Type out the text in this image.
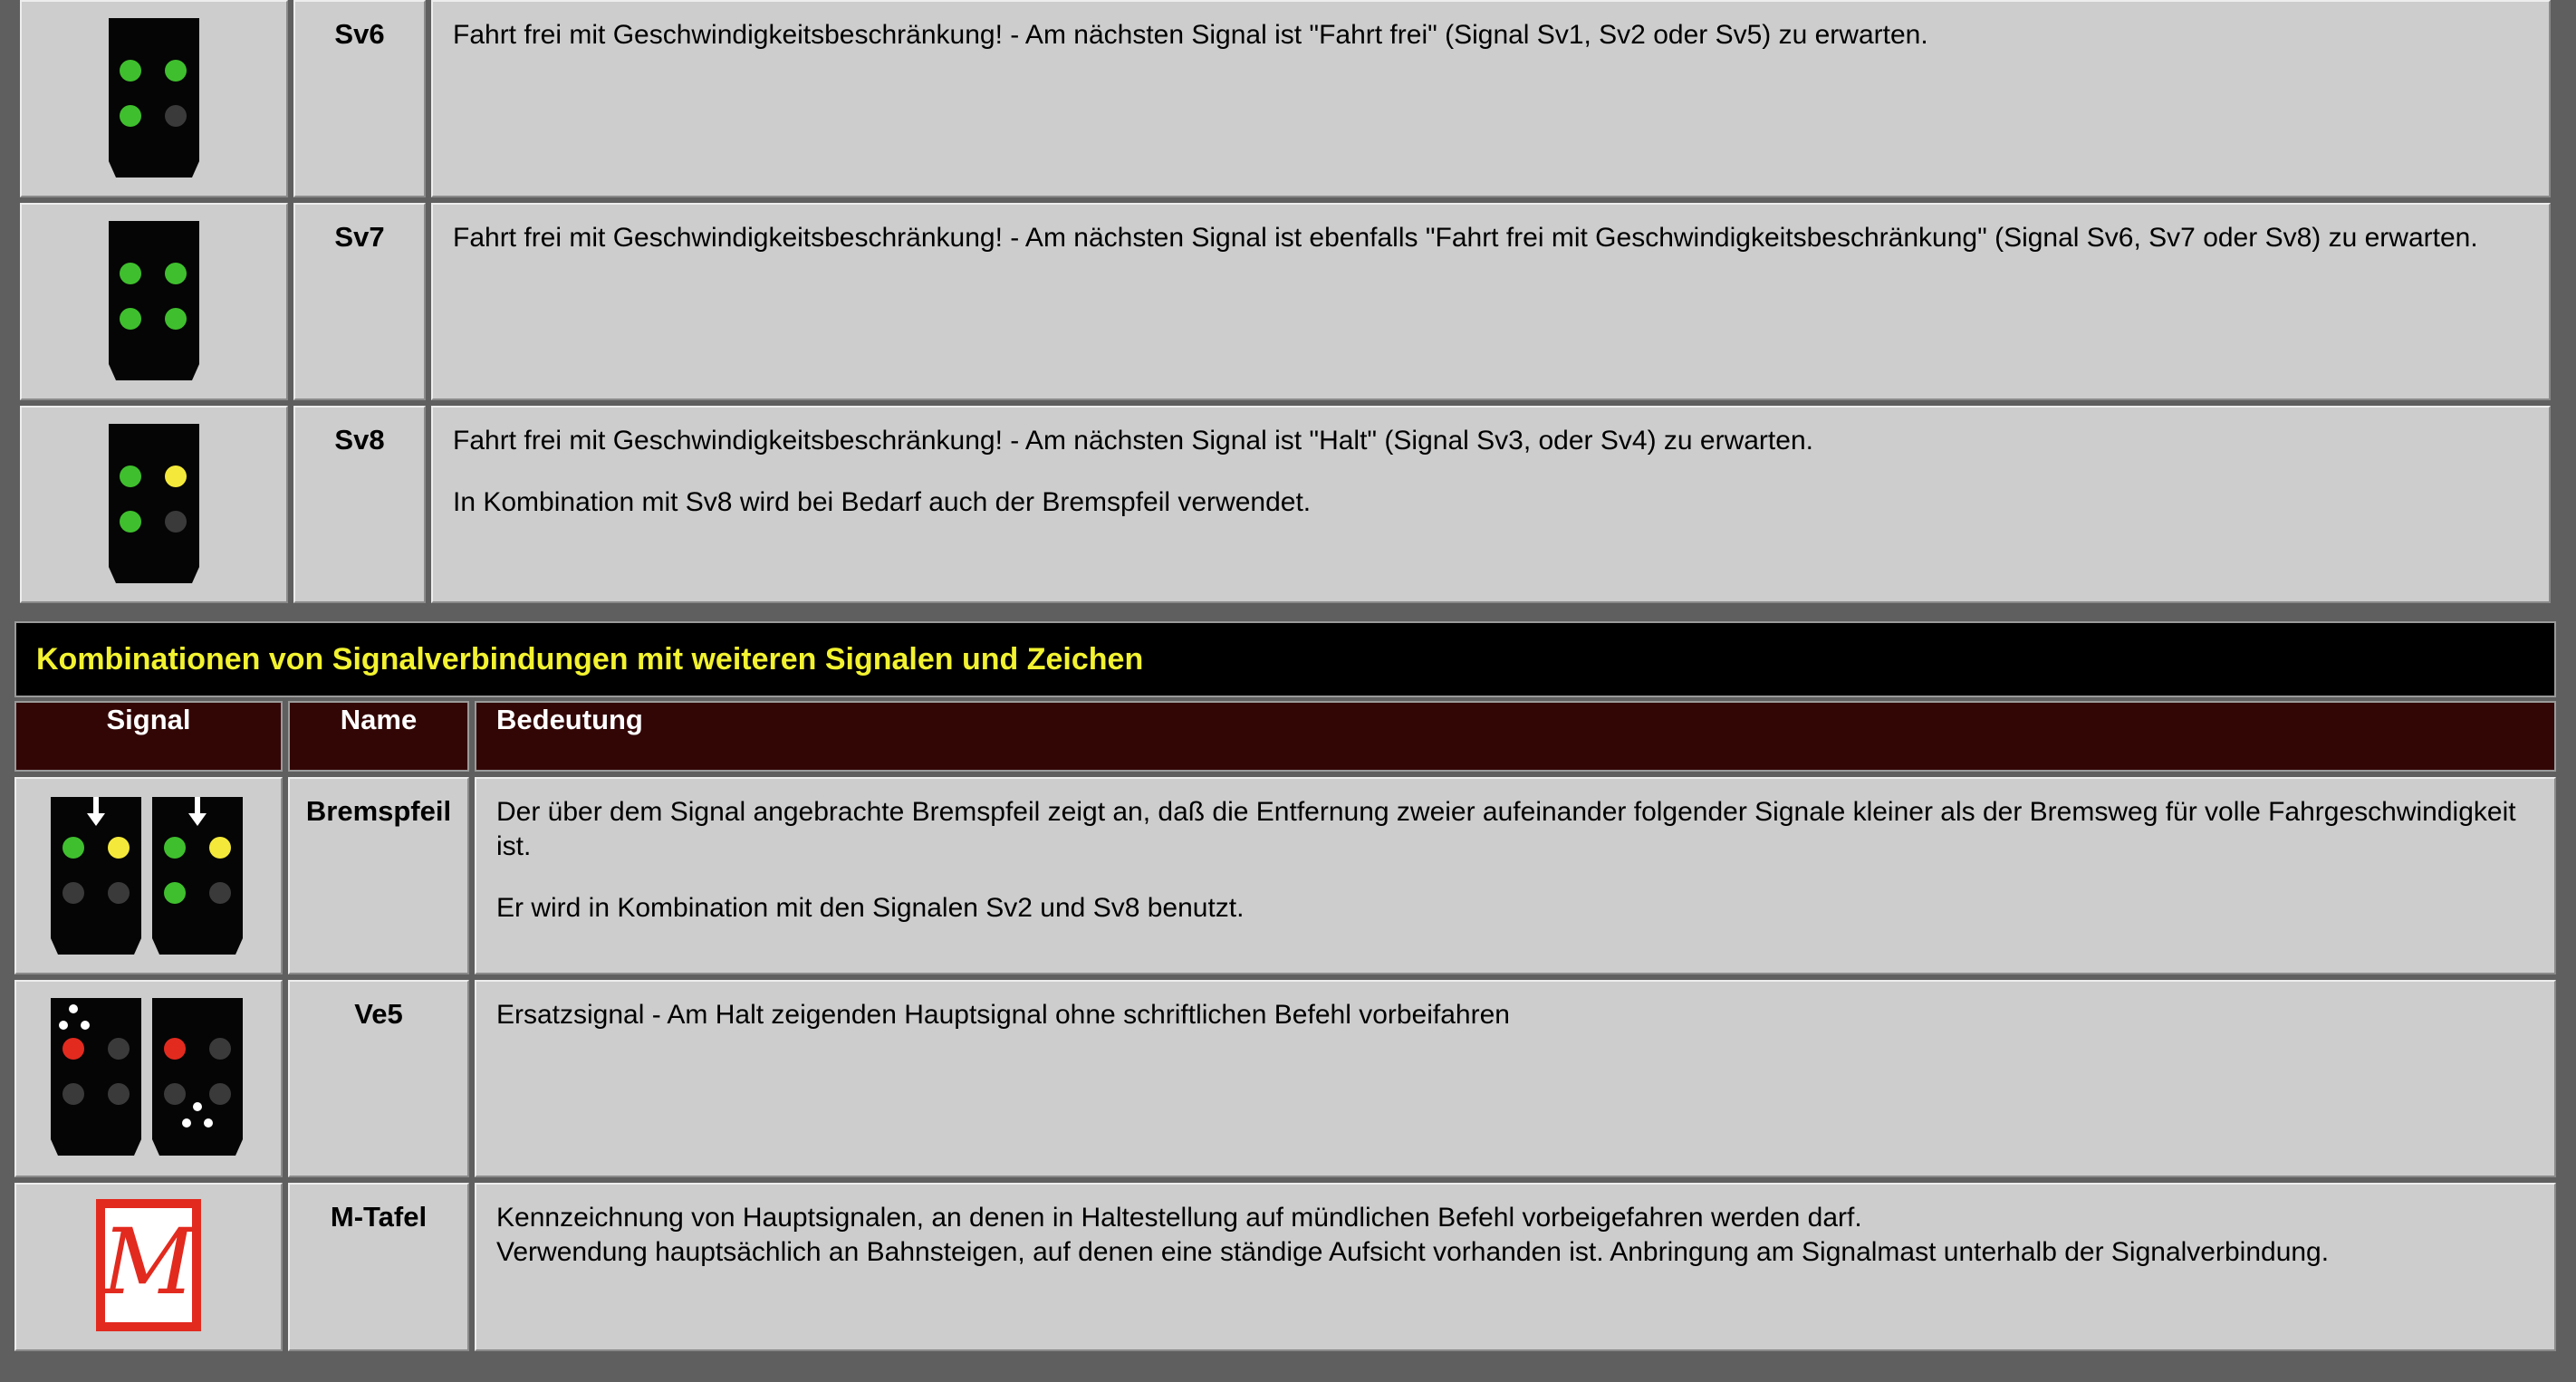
	Sv6	Fahrt frei mit Geschwindigkeitsbeschränkung! - Am nächsten Signal ist "Fahrt frei" (Signal Sv1, Sv2 oder Sv5) zu erwarten.

	Sv7	Fahrt frei mit Geschwindigkeitsbeschränkung! - Am nächsten Signal ist ebenfalls "Fahrt frei mit Geschwindigkeitsbeschränkung" (Signal Sv6, Sv7 oder Sv8) zu erwarten.

	Sv8	Fahrt frei mit Geschwindigkeitsbeschränkung! - Am nächsten Signal ist "Halt" (Signal Sv3, oder Sv4) zu erwarten.

In Kombination mit Sv8 wird bei Bedarf auch der Bremspfeil verwendet.

Kombinationen von Signalverbindungen mit weiteren Signalen und Zeichen
Signal	Name	Bedeutung

	Bremspfeil	Der über dem Signal angebrachte Bremspfeil zeigt an, daß die Entfernung zweier aufeinander folgender Signale kleiner als der Bremsweg für volle Fahrgeschwindigkeit ist.

Er wird in Kombination mit den Signalen Sv2 und Sv8 benutzt.

	Ve5	Ersatzsignal - Am Halt zeigenden Hauptsignal ohne schriftlichen Befehl vorbeifahren

M	M-Tafel	Kennzeichnung von Hauptsignalen, an denen in Haltestellung auf mündlichen Befehl vorbeigefahren werden darf.
Verwendung hauptsächlich an Bahnsteigen, auf denen eine ständige Aufsicht vorhanden ist. Anbringung am Signalmast unterhalb der Signalverbindung.
